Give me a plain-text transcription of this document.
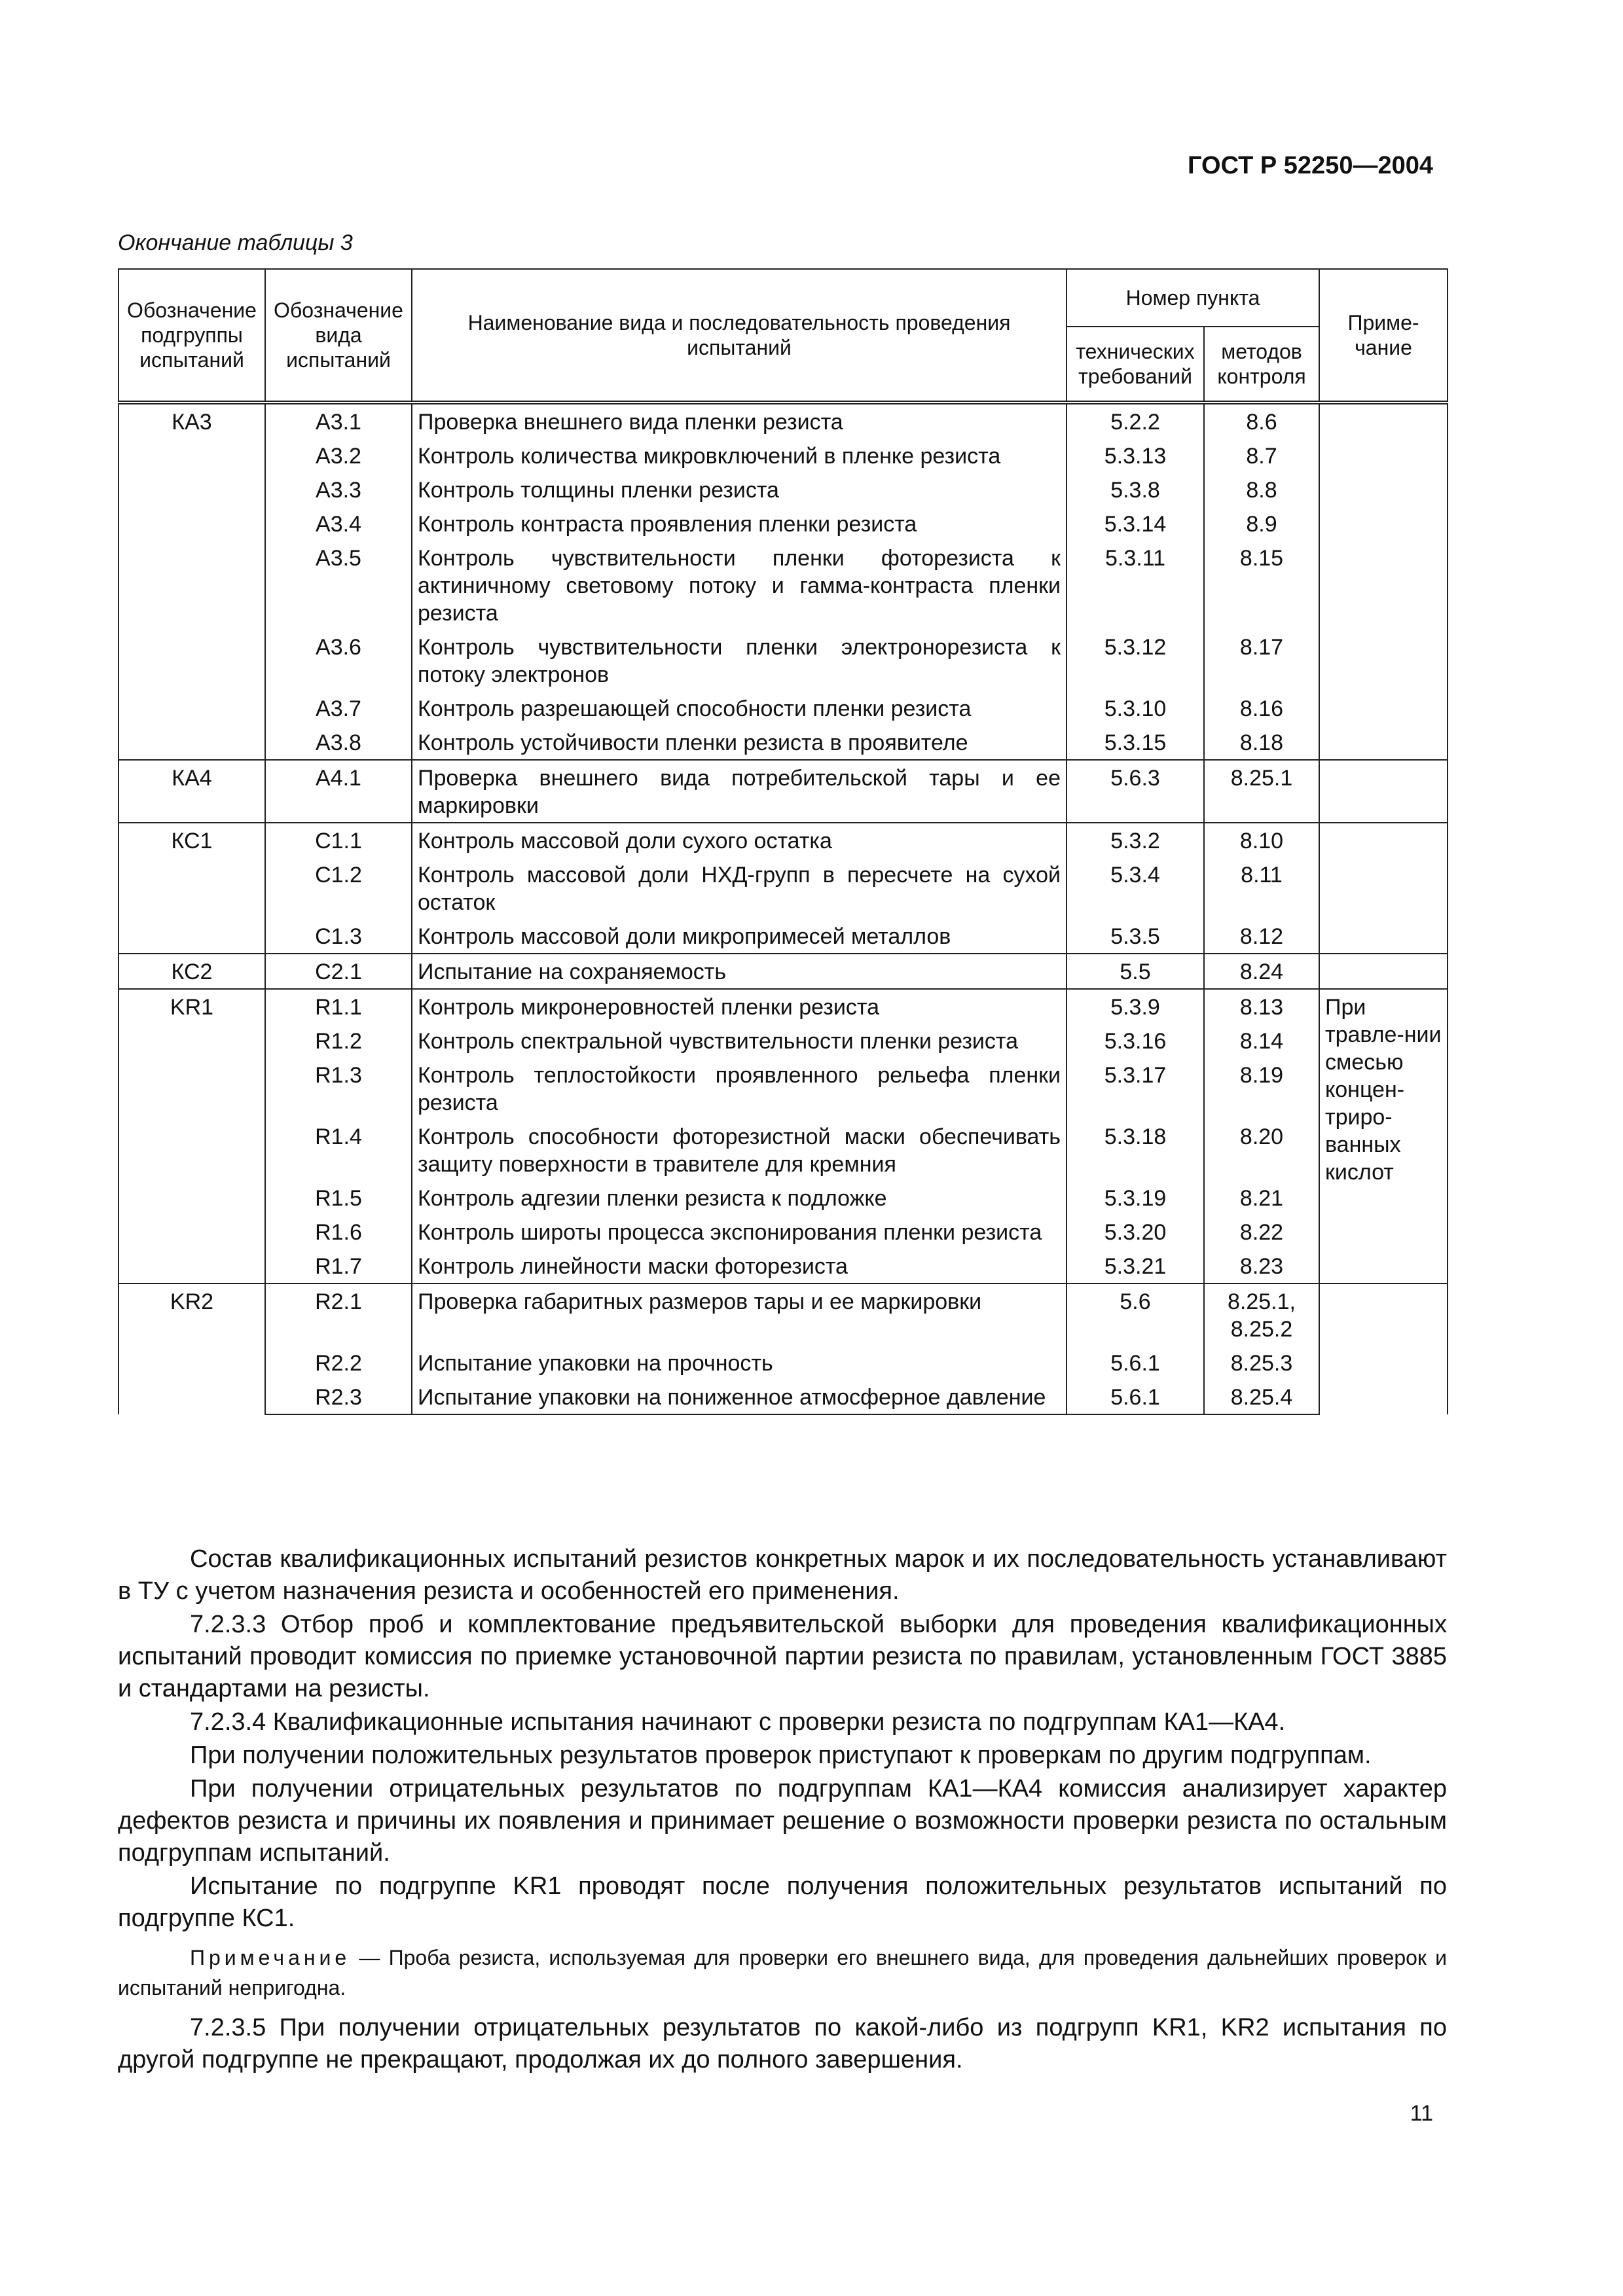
ГОСТ Р 52250—2004
Окончание таблицы 3
Обозначение подгруппы испытаний	Обозначение вида испытаний	Наименование вида и последовательность проведения испытаний	Номер пункта		Приме-чание
			технических требований	методов контроля	
КА3	А3.1	Проверка внешнего вида пленки резиста	5.2.2	8.6	
	А3.2	Контроль количества микровключений в пленке резиста	5.3.13	8.7	
	А3.3	Контроль толщины пленки резиста	5.3.8	8.8	
	А3.4	Контроль контраста проявления пленки резиста	5.3.14	8.9	
	А3.5	Контроль чувствительности пленки фоторезиста к актиничному световому потоку и гамма-контраста пленки резиста	5.3.11	8.15	
	А3.6	Контроль чувствительности пленки электронорезиста к потоку электронов	5.3.12	8.17	
	А3.7	Контроль разрешающей способности пленки резиста	5.3.10	8.16	
	А3.8	Контроль устойчивости пленки резиста в проявителе	5.3.15	8.18	
КА4	А4.1	Проверка внешнего вида потребительской тары и ее маркировки	5.6.3	8.25.1	
КС1	С1.1	Контроль массовой доли сухого остатка	5.3.2	8.10	
	С1.2	Контроль массовой доли НХД-групп в пересчете на сухой остаток	5.3.4	8.11	
	С1.3	Контроль массовой доли микропримесей металлов	5.3.5	8.12	
КС2	С2.1	Испытание на сохраняемость	5.5	8.24	
KR1	R1.1	Контроль микронеровностей пленки резиста	5.3.9	8.13	При травле-нии смесью концен-триро-ванных кислот
	R1.2	Контроль спектральной чувствительности пленки резиста	5.3.16	8.14	
	R1.3	Контроль теплостойкости проявленного рельефа пленки резиста	5.3.17	8.19	
	R1.4	Контроль способности фоторезистной маски обеспечивать защиту поверхности в травителе для кремния	5.3.18	8.20	
	R1.5	Контроль адгезии пленки резиста к подложке	5.3.19	8.21	
	R1.6	Контроль широты процесса экспонирования пленки резиста	5.3.20	8.22	
	R1.7	Контроль линейности маски фоторезиста	5.3.21	8.23	
KR2	R2.1	Проверка габаритных размеров тары и ее маркировки	5.6	8.25.1, 8.25.2	
	R2.2	Испытание упаковки на прочность	5.6.1	8.25.3	
	R2.3	Испытание упаковки на пониженное атмосферное давление	5.6.1	8.25.4	

Состав квалификационных испытаний резистов конкретных марок и их последовательность устанавливают в ТУ с учетом назначения резиста и особенностей его применения.

7.2.3.3 Отбор проб и комплектование предъявительской выборки для проведения квалификационных испытаний проводит комиссия по приемке установочной партии резиста по правилам, установленным ГОСТ 3885 и стандартами на резисты.

7.2.3.4 Квалификационные испытания начинают с проверки резиста по подгруппам КА1—КА4.

При получении положительных результатов проверок приступают к проверкам по другим подгруппам.

При получении отрицательных результатов по подгруппам КА1—КА4 комиссия анализирует характер дефектов резиста и причины их появления и принимает решение о возможности проверки резиста по остальным подгруппам испытаний.

Испытание по подгруппе KR1 проводят после получения положительных результатов испытаний по подгруппе КС1.

Примечание — Проба резиста, используемая для проверки его внешнего вида, для проведения дальнейших проверок и испытаний непригодна.

7.2.3.5 При получении отрицательных результатов по какой-либо из подгрупп KR1, KR2 испытания по другой подгруппе не прекращают, продолжая их до полного завершения.

11
